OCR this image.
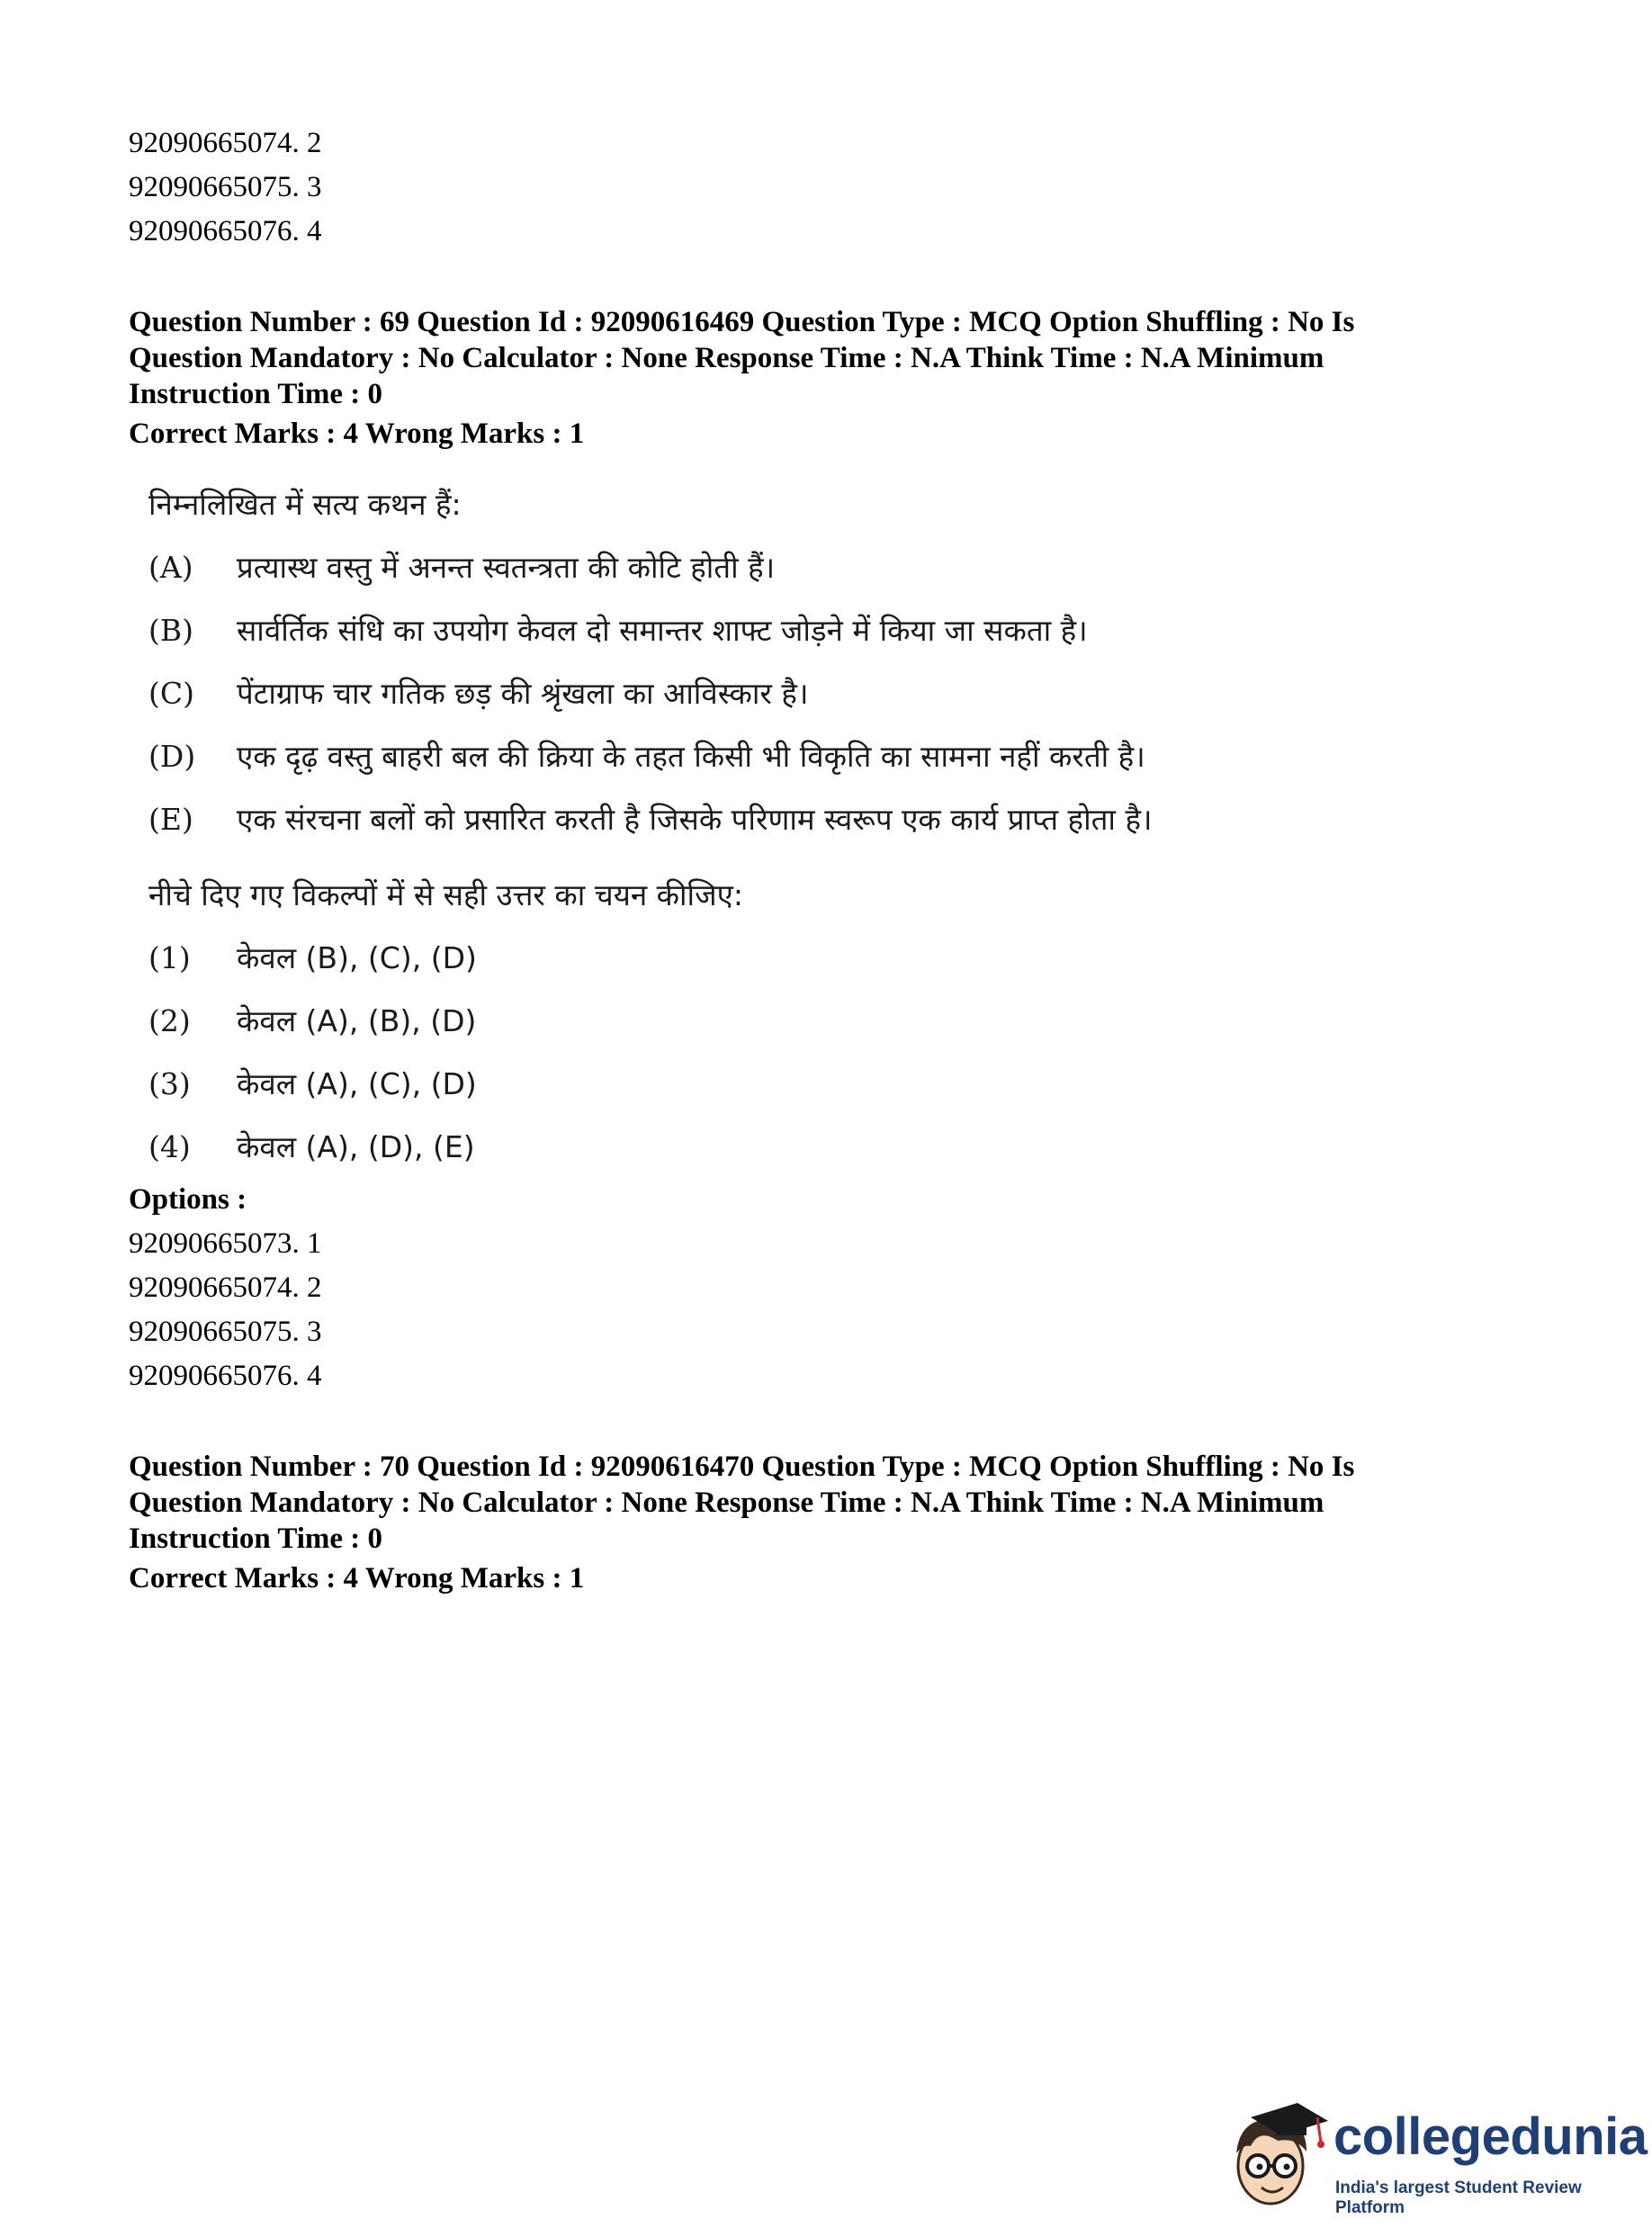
92090665074. 2
92090665075. 3
92090665076. 4
Question Number : 69 Question Id : 92090616469 Question Type : MCQ Option Shuffling : No Is
Question Mandatory : No Calculator : None Response Time : N.A Think Time : N.A Minimum
Instruction Time : 0
Correct Marks : 4 Wrong Marks : 1
निम्नलिखित में सत्य कथन हैं:
(A)	प्रत्यास्थ वस्तु में अनन्त स्वतन्त्रता की कोटि होती हैं।
(B)	सार्वर्तिक संधि का उपयोग केवल दो समान्तर शाफ्ट जोड़ने में किया जा सकता है।
(C)	पेंटाग्राफ चार गतिक छड़ की श्रृंखला का आविस्कार है।
(D)	एक दृढ़ वस्तु बाहरी बल की क्रिया के तहत किसी भी विकृति का सामना नहीं करती है।
(E)	एक संरचना बलों को प्रसारित करती है जिसके परिणाम स्वरूप एक कार्य प्राप्त होता है।
नीचे दिए गए विकल्पों में से सही उत्तर का चयन कीजिए:
(1)	केवल (B), (C), (D)
(2)	केवल (A), (B), (D)
(3)	केवल (A), (C), (D)
(4)	केवल (A), (D), (E)
Options :
92090665073. 1
92090665074. 2
92090665075. 3
92090665076. 4
Question Number : 70 Question Id : 92090616470 Question Type : MCQ Option Shuffling : No Is
Question Mandatory : No Calculator : None Response Time : N.A Think Time : N.A Minimum
Instruction Time : 0
Correct Marks : 4 Wrong Marks : 1
collegedunia
India's largest Student Review Platform
